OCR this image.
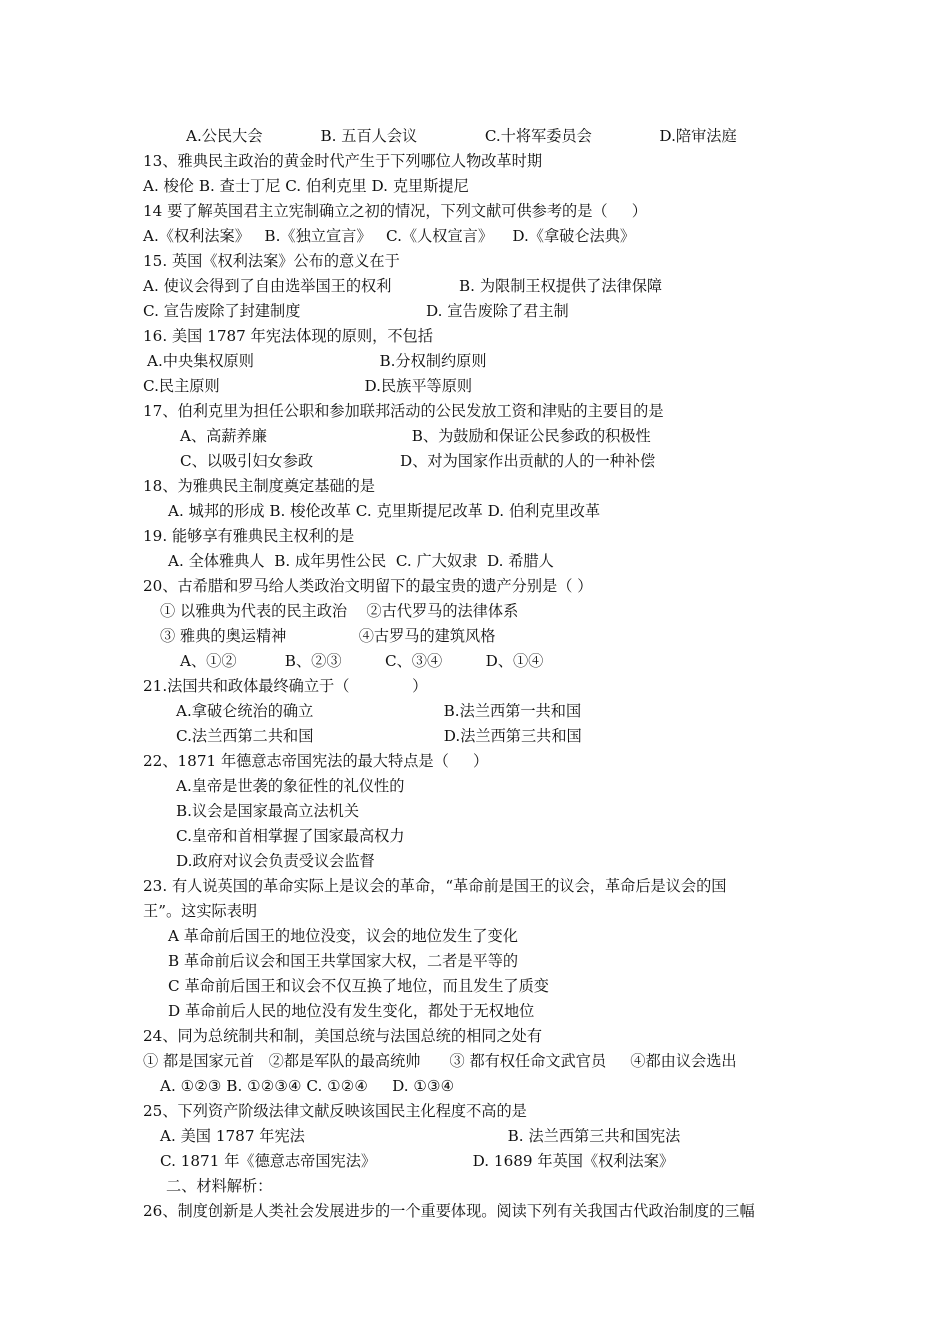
A.公民大会            B. 五百人会议              C.十将军委员会              D.陪审法庭
13、雅典民主政治的黄金时代产生于下列哪位人物改革时期
A. 梭伦 B. 查士丁尼 C. 伯利克里 D. 克里斯提尼
14 要了解英国君主立宪制确立之初的情况，下列文献可供参考的是（     ）
A.《权利法案》   B.《独立宣言》   C.《人权宣言》    D.《拿破仑法典》
15. 英国《权利法案》公布的意义在于
A. 使议会得到了自由选举国王的权利              B. 为限制王权提供了法律保障
C. 宣告废除了封建制度                          D. 宣告废除了君主制
16. 美国 1787 年宪法体现的原则，不包括
A.中央集权原则                          B.分权制约原则
C.民主原则                              D.民族平等原则
17、伯利克里为担任公职和参加联邦活动的公民发放工资和津贴的主要目的是
A、高薪养廉                              B、为鼓励和保证公民参政的积极性
C、以吸引妇女参政                  D、对为国家作出贡献的人的一种补偿
18、为雅典民主制度奠定基础的是
A. 城邦的形成 B. 梭伦改革 C. 克里斯提尼改革 D. 伯利克里改革
19. 能够享有雅典民主权利的是
A. 全体雅典人  B. 成年男性公民  C. 广大奴隶  D. 希腊人
20、古希腊和罗马给人类政治文明留下的最宝贵的遗产分别是（ ）
① 以雅典为代表的民主政治    ②古代罗马的法律体系
③ 雅典的奥运精神               ④古罗马的建筑风格
A、①②          B、②③         C、③④         D、①④
21.法国共和政体最终确立于（             ）
A.拿破仑统治的确立                           B.法兰西第一共和国
C.法兰西第二共和国                           D.法兰西第三共和国
22、1871 年德意志帝国宪法的最大特点是（     ）
A.皇帝是世袭的象征性的礼仪性的
B.议会是国家最高立法机关
C.皇帝和首相掌握了国家最高权力
D.政府对议会负责受议会监督
23. 有人说英国的革命实际上是议会的革命，“革命前是国王的议会，革命后是议会的国
王”。这实际表明
A 革命前后国王的地位没变，议会的地位发生了变化
B 革命前后议会和国王共掌国家大权，二者是平等的
C 革命前后国王和议会不仅互换了地位，而且发生了质变
D 革命前后人民的地位没有发生变化，都处于无权地位
24、同为总统制共和制，美国总统与法国总统的相同之处有
① 都是国家元首   ②都是军队的最高统帅      ③ 都有权任命文武官员     ④都由议会选出
A. ①②③ B. ①②③④ C. ①②④     D. ①③④
25、下列资产阶级法律文献反映该国民主化程度不高的是
A. 美国 1787 年宪法                                          B. 法兰西第三共和国宪法
C. 1871 年《德意志帝国宪法》                    D. 1689 年英国《权利法案》
二、材料解析：
26、制度创新是人类社会发展进步的一个重要体现。阅读下列有关我国古代政治制度的三幅
